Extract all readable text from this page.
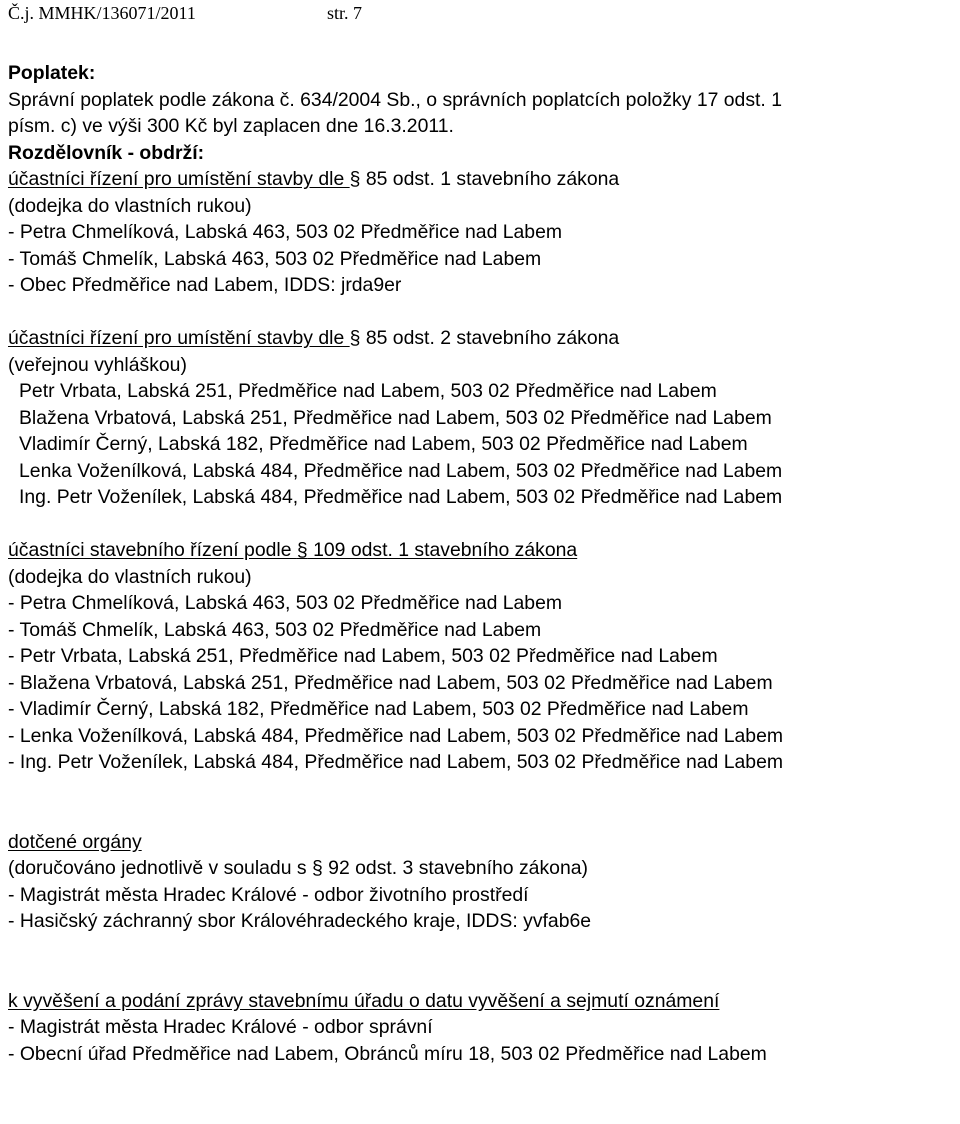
Č.j. MMHK/136071/2011	str. 7
Poplatek:
Správní poplatek podle zákona č. 634/2004 Sb., o správních poplatcích položky 17 odst. 1
písm. c) ve výši 300 Kč byl zaplacen dne 16.3.2011.
Rozdělovník - obdrží:
účastníci řízení pro umístění stavby dle § 85 odst. 1 stavebního zákona
(dodejka do vlastních rukou)
- Petra Chmelíková, Labská 463, 503 02 Předměřice nad Labem
- Tomáš Chmelík, Labská 463, 503 02 Předměřice nad Labem
- Obec Předměřice nad Labem, IDDS: jrda9er
účastníci řízení pro umístění stavby dle § 85 odst. 2 stavebního zákona
(veřejnou vyhláškou)
Petr Vrbata, Labská 251, Předměřice nad Labem, 503 02 Předměřice nad Labem
Blažena Vrbatová, Labská 251, Předměřice nad Labem, 503 02 Předměřice nad Labem
Vladimír Černý, Labská 182, Předměřice nad Labem, 503 02 Předměřice nad Labem
Lenka Voženílková, Labská 484, Předměřice nad Labem, 503 02 Předměřice nad Labem
Ing. Petr Voženílek, Labská 484, Předměřice nad Labem, 503 02 Předměřice nad Labem
účastníci stavebního řízení podle § 109 odst. 1 stavebního zákona
(dodejka do vlastních rukou)
- Petra Chmelíková, Labská 463, 503 02 Předměřice nad Labem
- Tomáš Chmelík, Labská 463, 503 02 Předměřice nad Labem
- Petr Vrbata, Labská 251, Předměřice nad Labem, 503 02 Předměřice nad Labem
- Blažena Vrbatová, Labská 251, Předměřice nad Labem, 503 02 Předměřice nad Labem
- Vladimír Černý, Labská 182, Předměřice nad Labem, 503 02 Předměřice nad Labem
- Lenka Voženílková, Labská 484, Předměřice nad Labem, 503 02 Předměřice nad Labem
- Ing. Petr Voženílek, Labská 484, Předměřice nad Labem, 503 02 Předměřice nad Labem
dotčené orgány
(doručováno jednotlivě v souladu s § 92 odst. 3 stavebního zákona)
- Magistrát města Hradec Králové - odbor životního prostředí
- Hasičský záchranný sbor Královéhradeckého kraje, IDDS: yvfab6e
k vyvěšení a podání zprávy stavebnímu úřadu o datu vyvěšení a sejmutí oznámení
- Magistrát města Hradec Králové - odbor správní
- Obecní úřad Předměřice nad Labem, Obránců míru 18, 503 02 Předměřice nad Labem
